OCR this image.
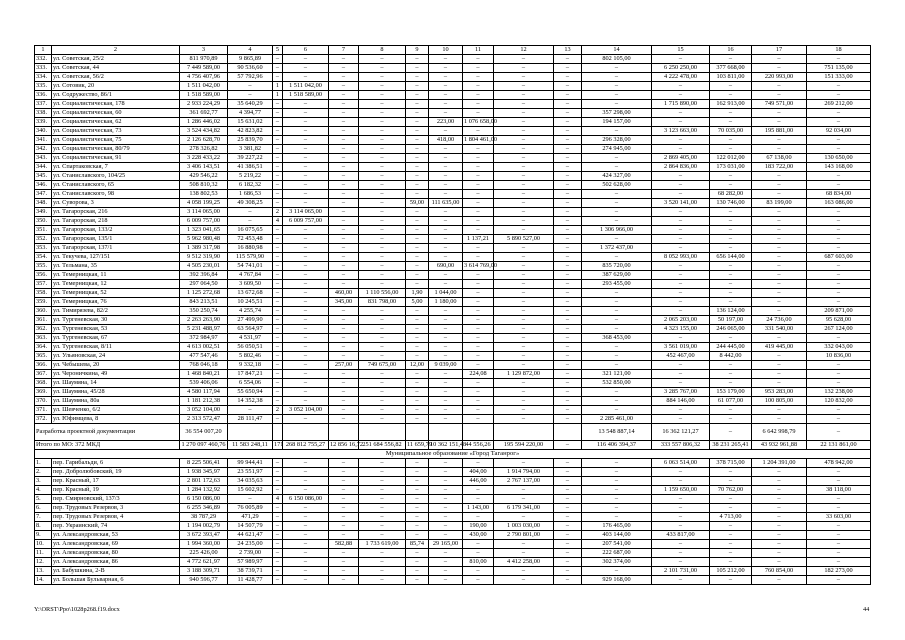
1	2	3	4	5	6	7	8	9	10	11	12	13	14	15	16	17	18
332.	ул. Советская, 25/2	811 970,89	9 865,89	–	–	–	–	–	–	–	–	–	802 105,00	–	–	–	–
333.	ул. Советская, 44	7 449 589,00	90 536,60	–	–	–	–	–	–	–	–	–	–	6 250 250,00	377 668,00	–	751 135,00
334.	ул. Советская, 56/2	4 756 407,96	57 792,96	–	–	–	–	–	–	–	–	–	–	4 222 478,00	103 811,00	220 993,00	151 333,00
335.	ул. Сотовик, 20	1 511 042,00	–	1	1 511 042,00	–	–	–	–	–	–	–	–	–	–	–	–
336.	ул. Содружество, 86/1	1 518 589,00	–	1	1 518 589,00	–	–	–	–	–	–	–	–	–	–	–	–
337.	ул. Социалистическая, 178	2 933 224,29	35 640,29	–	–	–	–	–	–	–	–	–	–	1 715 890,00	162 913,00	749 571,00	269 212,00
338.	ул. Социалистическая, 60	361 692,77	4 394,77	–	–	–	–	–	–	–	–	–	357 298,00	–	–	–	–
339.	ул. Социалистическая, 62	1 286 446,02	15 631,02	–	–	–	–	–	223,00	1 076 658,00	–	–	194 157,00	–	–	–	–
340.	ул. Социалистическая, 73	3 524 434,82	42 823,82	–	–	–	–	–	–	–	–	–	–	3 123 663,00	70 035,00	195 881,00	92 034,00
341.	ул. Социалистическая, 75	2 126 628,70	25 839,70	–	–	–	–	–	418,00	1 804 461,00	–	–	296 328,00	–	–	–	–
342.	ул. Социалистическая, 80/79	278 326,82	3 381,82	–	–	–	–	–	–	–	–	–	274 945,00	–	–	–	–
343.	ул. Социалистическая, 91	3 228 433,22	39 227,22	–	–	–	–	–	–	–	–	–	–	2 869 405,00	122 012,00	67 138,00	130 650,00
344.	ул. Спартаковская, 7	3 406 143,51	41 386,51	–	–	–	–	–	–	–	–	–	–	2 864 836,00	173 031,00	183 722,00	143 168,00
345.	ул. Станиславского, 104/25	429 546,22	5 219,22	–	–	–	–	–	–	–	–	–	424 327,00	–	–	–	–
346.	ул. Станиславского, 65	508 810,32	6 182,32	–	–	–	–	–	–	–	–	–	502 628,00	–	–	–	–
347.	ул. Станиславского, 98	138 802,53	1 686,53	–	–	–	–	–	–	–	–	–	–	–	68 282,00	–	68 834,00
348.	ул. Суворова, 3	4 058 199,25	49 308,25	–	–	–	–	59,00	111 635,00	–	–	–	–	3 520 141,00	130 746,00	83 199,00	163 086,00
349.	ул. Тагарорская, 216	3 114 065,00	–	2	3 114 065,00	–	–	–	–	–	–	–	–	–	–	–	–
350.	ул. Тагарорская, 218	6 009 757,00	–	4	6 009 757,00	–	–	–	–	–	–	–	–	–	–	–	–
351.	ул. Тагарорская, 133/2	1 323 041,65	16 075,65	–	–	–	–	–	–	–	–	–	1 306 966,00	–	–	–	–
352.	ул. Тагарорская, 135/1	5 962 980,48	72 453,48	–	–	–	–	–	–	1 137,21	5 890 527,00	–	–	–	–	–	–
353.	ул. Тагарорская, 137/1	1 389 317,98	16 880,98	–	–	–	–	–	–	–	–	–	1 372 437,00	–	–	–	–
354.	ул. Текучева, 127/151	9 512 319,90	115 579,90	–	–	–	–	–	–	–	–	–	–	8 052 993,00	656 144,00	–	687 603,00
355.	ул. Тельмана, 35	4 505 230,01	54 741,01	–	–	–	–	–	690,00	3 614 769,00	–	–	835 720,00	–	–	–	–
356.	ул. Темерницкая, 11	392 396,84	4 767,84	–	–	–	–	–	–	–	–	–	387 629,00	–	–	–	–
357.	ул. Темерницкая, 12	297 064,50	3 609,50	–	–	–	–	–	–	–	–	–	293 455,00	–	–	–	–
358.	ул. Темерницкая, 52	1 125 272,68	13 672,68	–	–	460,00	1 110 556,00	1,90	1 044,00	–	–	–	–	–	–	–	–
359.	ул. Темерницкая, 76	843 213,51	10 245,51	–	–	345,00	831 798,00	5,00	1 180,00	–	–	–	–	–	–	–	–
360.	ул. Тимирязева, 82/2	350 250,74	4 255,74	–	–	–	–	–	–	–	–	–	–	–	136 124,00	–	209 871,00
361.	ул. Тургеневская, 30	2 263 263,90	27 499,90	–	–	–	–	–	–	–	–	–	–	2 065 203,00	50 197,00	24 736,00	95 628,00
362.	ул. Тургеневская, 53	5 231 488,97	63 564,97	–	–	–	–	–	–	–	–	–	–	4 323 155,00	246 065,00	331 540,00	267 124,00
363.	ул. Тургеневская, 67	372 984,97	4 531,97	–	–	–	–	–	–	–	–	–	368 453,00	–	–	–	–
364.	ул. Тургеневская, 8/11	4 613 002,51	56 050,51	–	–	–	–	–	–	–	–	–	–	3 561 019,00	244 445,00	419 445,00	332 043,00
365.	ул. Ульяновская, 24	477 547,46	5 802,46	–	–	–	–	–	–	–	–	–	–	452 467,00	8 442,00	–	10 836,00
366.	ул. Чебышева, 20	768 046,18	9 332,18	–	–	257,00	749 675,00	12,00	9 039,00	–	–	–	–	–	–	–	–
367.	ул. Чероничкина, 49	1 468 840,21	17 847,21	–	–	–	–	–	–	224,08	1 129 872,00	–	321 121,00	–	–	–	–
368.	ул. Шаумяна, 14	539 406,06	6 554,06	–	–	–	–	–	–	–	–	–	532 850,00	–	–	–	–
369.	ул. Шаумяна, 45/28	4 580 117,94	55 650,94	–	–	–	–	–	–	–	–	–	–	3 285 767,00	153 179,00	953 283,00	132 238,00
370.	ул. Шаумяна, 80а	1 181 212,38	14 352,38	–	–	–	–	–	–	–	–	–	–	884 146,00	61 077,00	100 805,00	120 832,00
371.	ул. Шевченко, 6/2	3 052 104,00	–	2	3 052 104,00	–	–	–	–	–	–	–	–	–	–	–	–
372.	ул. Юфимцева, 8	2 313 572,47	28 111,47	–	–	–	–	–	–	–	–	–	2 285 461,00	–	–	–	–
Разработка проектной документации		36 554 007,20											13 548 887,14	16 362 121,27	–	6 642 998,79	–
Итого по МО: 372 МКД		1 270 097 460,76	11 583 248,11	171	268 812 755,27	12 856 16,72	251 684 556,82	11 659,79	10 362 151,48	44 556,26	195 594 220,00	–	116 406 394,37	333 557 806,32	38 231 265,41	43 932 961,88	22 131 861,00
Муниципальное образование «Город Таганрог»																	
1.	пер. Гарибальди, 6	8 225 506,41	99 944,41	–	–	–	–	–	–	–	–	–	–	6 063 514,00	378 715,00	1 204 391,00	478 942,00
2.	пер. Добролюбовский, 19	1 938 345,97	23 551,97	–	–	–	–	–	–	404,00	1 914 794,00	–	–	–	–	–	–
3.	пер. Красный, 17	2 801 172,63	34 035,63	–	–	–	–	–	–	446,00	2 767 137,00	–	–	–	–	–	–
4.	пер. Красный, 19	1 284 132,92	15 602,92	–	–	–	–	–	–	–	–	–	–	1 159 650,00	70 762,00	–	38 118,00
5.	пер. Смирновский, 137/3	6 150 086,00	–	4	6 150 086,00	–	–	–	–	–	–	–	–	–	–	–	–
6.	пер. Трудовых Резервов, 3	6 255 346,89	76 005,89	–	–	–	–	–	–	1 143,00	6 179 341,00	–	–	–	–	–	–
7.	пер. Трудовых Резервов, 4	38 787,29	471,29	–	–	–	–	–	–	–	–	–	–	–	4 713,00	–	33 603,00
8.	пер. Украинский, 74	1 194 002,79	14 507,79	–	–	–	–	–	–	190,00	1 003 030,00	–	176 465,00	–	–	–	–
9.	ул. Александровская, 53	3 672 393,47	44 621,47	–	–	–	–	–	–	430,00	2 790 801,00	–	403 144,00	433 817,00	–	–	–
10.	ул. Александровская, 69	1 994 360,00	24 235,00	–	–	582,88	1 733 619,00	85,74	29 165,00	–	–	–	207 541,00	–	–	–	–
11.	ул. Александровская, 80	225 426,00	2 739,00	–	–	–	–	–	–	–	–	–	222 687,00	–	–	–	–
12.	ул. Александровская, 86	4 772 621,97	57 989,97	–	–	–	–	–	–	810,00	4 412 258,00	–	302 374,00	–	–	–	–
13.	ул. Бабушкина, 2-В	3 188 309,71	38 739,71	–	–	–	–	–	–	–	–	–	–	2 101 731,00	105 212,00	760 854,00	182 273,00
14.	ул. Большая Бульварная, 6	940 596,77	11 428,77	–	–	–	–	–	–	–	–	–	929 168,00	–	–	–	–
Y:\ORST\Ppo\1028p268.f19.docx	44
